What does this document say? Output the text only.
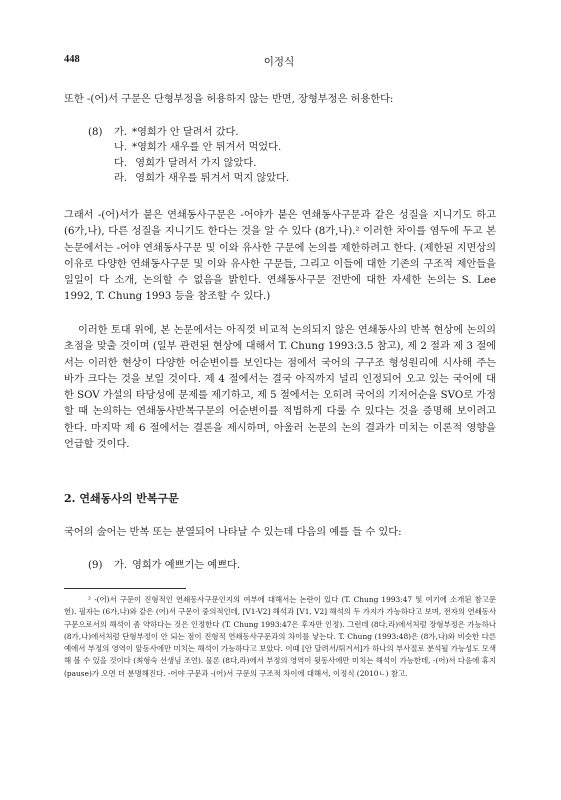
448	이정식
또한 -(어)서 구문은 단형부정을 허용하지 않는 반면, 장형부정은 허용한다:
(8)	가. *영희가 안 달려서 갔다.
나. *영희가 새우를 안 튀겨서 먹었다.
다. 영희가 달려서 가지 않았다.
라. 영희가 새우를 튀겨서 먹지 않았다.
그래서 -(어)서가 붙은 연쇄동사구문은 -어야가 붙은 연쇄동사구문과 같은 성질을 지니기도 하고 (6가,나), 다른 성질을 지니기도 한다는 것을 알 수 있다 (8가,나).² 이러한 차이를 염두에 두고 본 논문에서는 -어야 연쇄동사구문 및 이와 유사한 구문에 논의를 제한하려고 한다. (제한된 지면상의 이유로 다양한 연쇄동사구문 및 이와 유사한 구문들, 그리고 이들에 대한 기존의 구조적 제안들을 일일이 다 소개, 논의할 수 없음을 밝힌다. 연쇄동사구문 전반에 대한 자세한 논의는 S. Lee 1992, T. Chung 1993 등을 참조할 수 있다.)
이러한 토대 위에, 본 논문에서는 아직껏 비교적 논의되지 않은 연쇄동사의 반복 현상에 논의의 초점을 맞출 것이며 (일부 관련된 현상에 대해서 T. Chung 1993:3.5 참고), 제 2 절과 제 3 절에서는 이러한 현상이 다양한 어순변이를 보인다는 점에서 국어의 구구조 형성원리에 시사해 주는 바가 크다는 것을 보일 것이다. 제 4 절에서는 결국 아직까지 널리 인정되어 오고 있는 국어에 대한 SOV 가설의 타당성에 문제를 제기하고, 제 5 절에서는 오히려 국어의 기저어순을 SVO로 가정할 때 논의하는 연쇄동사반복구문의 어순변이를 적법하게 다룰 수 있다는 것을 증명해 보이려고 한다. 마지막 제 6 절에서는 결론을 제시하며, 아울러 논문의 논의 결과가 미치는 이론적 영향을 언급할 것이다.
2. 연쇄동사의 반복구문
국어의 술어는 반복 또는 분열되어 나타날 수 있는데 다음의 예를 들 수 있다:
(9)	가. 영희가 예쁘기는 예쁘다.
² -(어)서 구문이 진형적인 연쇄동사구문인지의 여부에 대해서는 논란이 있다 (T. Chung 1993:47 및 여기에 소개된 참고문헌). 필자는 (6가,나)와 같은 (어)서 구문이 중의적인데, [V1-V2] 해석과 [V1, V2] 해석의 두 가지가 가능하다고 보며, 전자의 연쇄동사구문으로서의 해석이 좀 약하다는 것은 인정한다 (T. Chung 1993:47은 후자만 인정). 그런데 (8다,라)에서처럼 장형부정은 가능하나 (8가,나)에서처럼 단형부정이 안 되는 점이 진형적 연쇄동사구문과의 차이를 낳는다. T. Chung (1993:48)은 (8가,나)와 비슷한 다른 예에서 부정의 영역이 앞동사에만 미치는 해석이 가능하다고 보았다. 이때 [안 달려서/튀겨서]가 하나의 부사절로 분석될 가능성도 모색해 볼 수 있을 것이다 (최형숙 선생님 조언). 물론 (8다,라)에서 부정의 영역이 뒷동사에만 미치는 해석이 가능한데, -(어)서 다음에 휴지(pause)가 오면 더 분명해진다. -어야 구문과 -(어)서 구문의 구조적 차이에 대해서, 이정식 (2010ㄴ) 참고.
